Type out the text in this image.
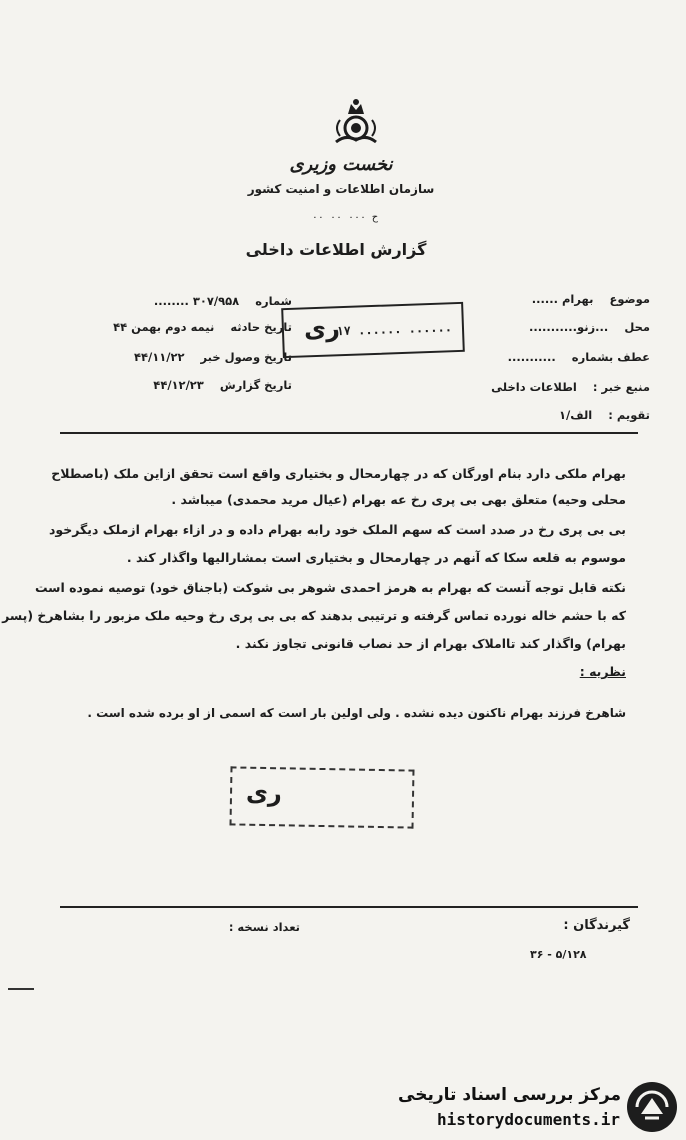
نخست وزیری
سازمان اطلاعات و امنیت کشور
ح ۰۰۰ ۰۰ ۰۰
گزارش اطلاعات داخلی
موضوع    بهرام ......
محل    ...زنو...........
عطف بشماره    ...........
منبع خبر :    اطلاعات داخلی
تقویم :    الف/۱
شماره    ۳۰۷/۹۵۸ ........
تاریخ حادثه    نیمه دوم بهمن ۴۴
تاریخ وصول خبر    ۴۴/۱۱/۲۲
تاریخ گزارش    ۴۴/۱۲/۲۳
ری
۱۷ ...... ......
بهرام ملکی دارد بنام اورگان که در چهارمحال و بختیاری واقع است تحقق ازاین ملک (باصطلاح
محلی وحیه) متعلق بهی بی پری رخ عه بهرام (عیال مرید محمدی) میباشد .
بی بی پری رخ در صدد است که سهم الملک خود رابه بهرام داده و در ازاء بهرام ازملک دیگرخود
موسوم به قلعه سکا که آنهم در چهارمحال و بختیاری است بمشارالیها واگذار کند .
نکته قابل توجه آنست که بهرام به هرمز احمدی شوهر بی شوکت (باجناق خود) توصیه نموده است
که با حشم خاله نورده تماس گرفته و ترتیبی بدهند که بی بی پری رخ وحیه ملک مزبور را بشاهرخ (پسر
بهرام) واگذار کند تااملاک بهرام از حد نصاب قانونی تجاوز نکند .
نظریه :
شاهرخ فرزند بهرام ناکنون دیده نشده . ولی اولین بار است که اسمی از او برده شده است .
ری
گیرندگان :
تعداد نسخه :
۳۶ - ۵/۱۲۸
مرکز بررسی اسناد تاریخی
historydocuments.ir
